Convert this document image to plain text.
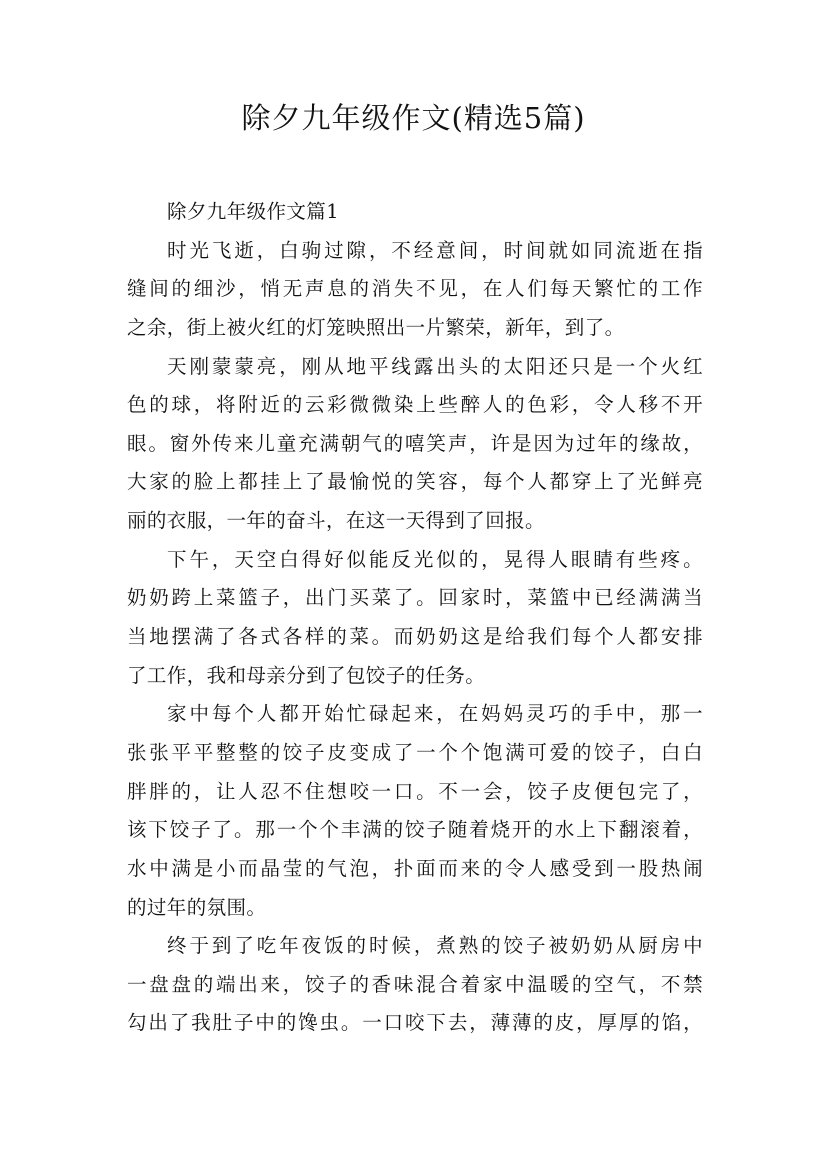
除夕九年级作文(精选5篇)
除夕九年级作文篇1
时光飞逝，白驹过隙，不经意间，时间就如同流逝在指
缝间的细沙，悄无声息的消失不见，在人们每天繁忙的工作
之余，街上被火红的灯笼映照出一片繁荣，新年，到了。
天刚蒙蒙亮，刚从地平线露出头的太阳还只是一个火红
色的球，将附近的云彩微微染上些醉人的色彩，令人移不开
眼。窗外传来儿童充满朝气的嘻笑声，许是因为过年的缘故，
大家的脸上都挂上了最愉悦的笑容，每个人都穿上了光鲜亮
丽的衣服，一年的奋斗，在这一天得到了回报。
下午，天空白得好似能反光似的，晃得人眼睛有些疼。
奶奶跨上菜篮子，出门买菜了。回家时，菜篮中已经满满当
当地摆满了各式各样的菜。而奶奶这是给我们每个人都安排
了工作，我和母亲分到了包饺子的任务。
家中每个人都开始忙碌起来，在妈妈灵巧的手中，那一
张张平平整整的饺子皮变成了一个个饱满可爱的饺子，白白
胖胖的，让人忍不住想咬一口。不一会，饺子皮便包完了，
该下饺子了。那一个个丰满的饺子随着烧开的水上下翻滚着，
水中满是小而晶莹的气泡，扑面而来的令人感受到一股热闹
的过年的氛围。
终于到了吃年夜饭的时候，煮熟的饺子被奶奶从厨房中
一盘盘的端出来，饺子的香味混合着家中温暖的空气，不禁
勾出了我肚子中的馋虫。一口咬下去，薄薄的皮，厚厚的馅，
